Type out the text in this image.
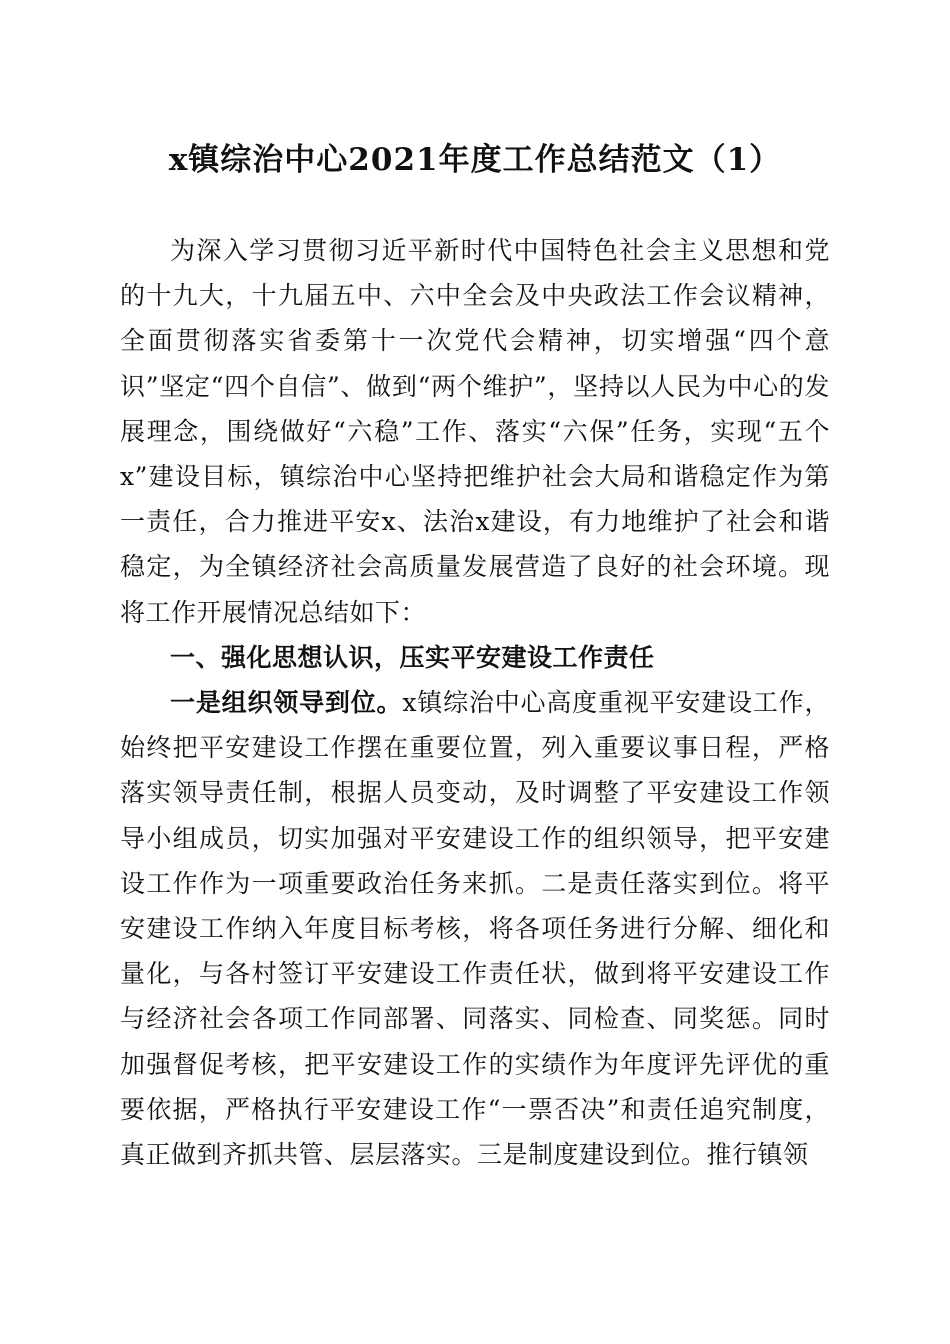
x镇综治中心2021年度工作总结范文（1）

为深入学习贯彻习近平新时代中国特色社会主义思想和党的十九大，十九届五中、六中全会及中央政法工作会议精神，全面贯彻落实省委第十一次党代会精神，切实增强“四个意识”坚定“四个自信”、做到“两个维护”，坚持以人民为中心的发展理念，围绕做好“六稳”工作、落实“六保”任务，实现“五个x”建设目标，镇综治中心坚持把维护社会大局和谐稳定作为第一责任，合力推进平安x、法治x建设，有力地维护了社会和谐稳定，为全镇经济社会高质量发展营造了良好的社会环境。现将工作开展情况总结如下：

一、强化思想认识，压实平安建设工作责任

一是组织领导到位。x镇综治中心高度重视平安建设工作，始终把平安建设工作摆在重要位置，列入重要议事日程，严格落实领导责任制，根据人员变动，及时调整了平安建设工作领导小组成员，切实加强对平安建设工作的组织领导，把平安建设工作作为一项重要政治任务来抓。二是责任落实到位。将平安建设工作纳入年度目标考核，将各项任务进行分解、细化和量化，与各村签订平安建设工作责任状，做到将平安建设工作与经济社会各项工作同部署、同落实、同检查、同奖惩。同时加强督促考核，把平安建设工作的实绩作为年度评先评优的重要依据，严格执行平安建设工作“一票否决”和责任追究制度，真正做到齐抓共管、层层落实。三是制度建设到位。推行镇领
